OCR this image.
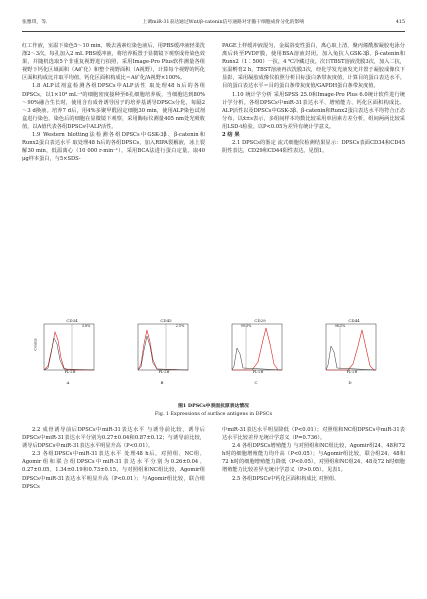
张雅琪，等．	上调miR-31表达通过Wnt/β-catenin信号通路对牙髓干细胞成骨分化的影响	415

红工作液，室温下染色5～10 min，吸去茜素红染色液后，用PBS缓冲液轻柔洗涤2～3次。每孔加入2 mL PBS缓冲液，将培养板置于显微镜下观察成骨染色效果，并随机选取5个非重复视野进行拍照，采用Image-Pro Plus软件测量各组视野下钙化区域面积（A矿化）和整个视野面积（A视野），计算每个视野的钙化区面积构成比并取平均值，钙化区面积构成比＝A矿化/A视野×100%。

1.8 ALP试剂盒检测各组DPSCs中ALP活性 取处理48 h后的各组DPSCs，以1×10⁴ mL⁻¹的细胞密度接种至6孔细胞培养板，当细胞达到80%～90%融合生长时，使用含有成骨诱导因子的培养基诱导DPSCs分化，每隔2～3 d换液。培养7 d后，用4%多聚甲醛固定细胞30 min，使用ALP染色试剂盒进行染色，染色后的细胞在显微镜下观察，采用酶标仪测量405 nm处光吸收值，以A值代表各组DPSCs中ALP活性。

1.9 Western blotting法检测各组DPSCs中GSK-3β、β-catenin和Runx2蛋白表达水平 取处理48 h后的各组DPSCs，加入RIPA裂解液，冰上裂解30 min，低温离心（10 000 r·min⁻¹），采用BCA法进行蛋白定量。取40 μg样本蛋白，与5×SDS-

PAGE上样缓冲液混匀，金属浴变性蛋白，离心取上清，聚丙烯酰胺凝胶电泳分离后转至PVDF膜，使用BSA溶液封闭。加入兔抗人GSK-3β、β-catenin和Runx2（1∶500）一抗，4 ℃冷藏过夜。次日TBST溶液洗膜3次，加入二抗，室温孵育2 h，TBST溶液再次洗膜3次，经化学发光液发光并置于凝胶成像仪下显影，采用凝胶成像仪拍照分析目标蛋白条带灰度值，计算目的蛋白表达水平。目的蛋白表达水平＝目的蛋白条带灰度值/GAPDH蛋白条带灰度值。

1.10 统计学分析 采用SPSS 25.0和Image-Pro Plus 6.0统计软件进行统计学分析。各组DPSCs中miR-31表达水平、增殖能力、钙化区面积构成比、ALP活性以及DPSCs中GSK-3β、β-catenin和Runx2蛋白表达水平均符合正态分布，以x̄±s表示，多组间样本均数比较采用单因素方差分析，组间两两比较采用LSD-t检验。以P<0.05为差异有统计学意义。

2 结 果

2.1 DPSCs的鉴定 流式细胞仪检测结果显示：DPSCs表面CD34和CD45阴性表达，CD29和CD44阳性表达。见图1。

CD34
3.8%
FL-2H
A
CD45
2.5%
FL-2H
B
CD29
99.3%
FL-2H
C
CD44
98.1%
FL-2H
D
Counts
图1 DPSCs中表面抗原表达情况
Fig. 1 Expressions of surface antigens in DPSCs

2.2 成骨诱导前后DPSCs中miR-31表达水平 与诱导前比较，诱导后DPSCs中miR-31表达水平分别为0.27±0.04和0.87±0.12；与诱导前比较，诱导后DPSCs中miR-31表达水平明显升高（P<0.01）。

2.3 各组DPSCs中miR-31表达水平 处理48 h后，对照组、NC组、Agomir组和联合组DPSCs中miR-31表达水平分别为0.26±0.04、0.27±0.05、1.34±0.19和0.73±0.15。与对照组和NC组比较，Agomir组DPSCs中miR-31表达水平明显升高（P<0.01）；与Agomir组比较，联合组DPSCs

中miR-31表达水平明显降低（P<0.01）；对照组和NC组DPSCs中miR-31表达水平比较差异无统计学意义（P=0.736）。

2.4 各组DPSCs增殖能力 与对照组和NC组比较，Agomir组24、48和72 h时的细胞增殖能力均升高（P<0.05）；与Agomir组比较，联合组24、48和72 h时的细胞增殖能力降低（P<0.05）。对照组和NC组24、48及72 h时细胞增殖能力比较差异无统计学意义（P>0.05）。见表1。

2.5 各组DPSCs中钙化区面积构成比 对照组、
